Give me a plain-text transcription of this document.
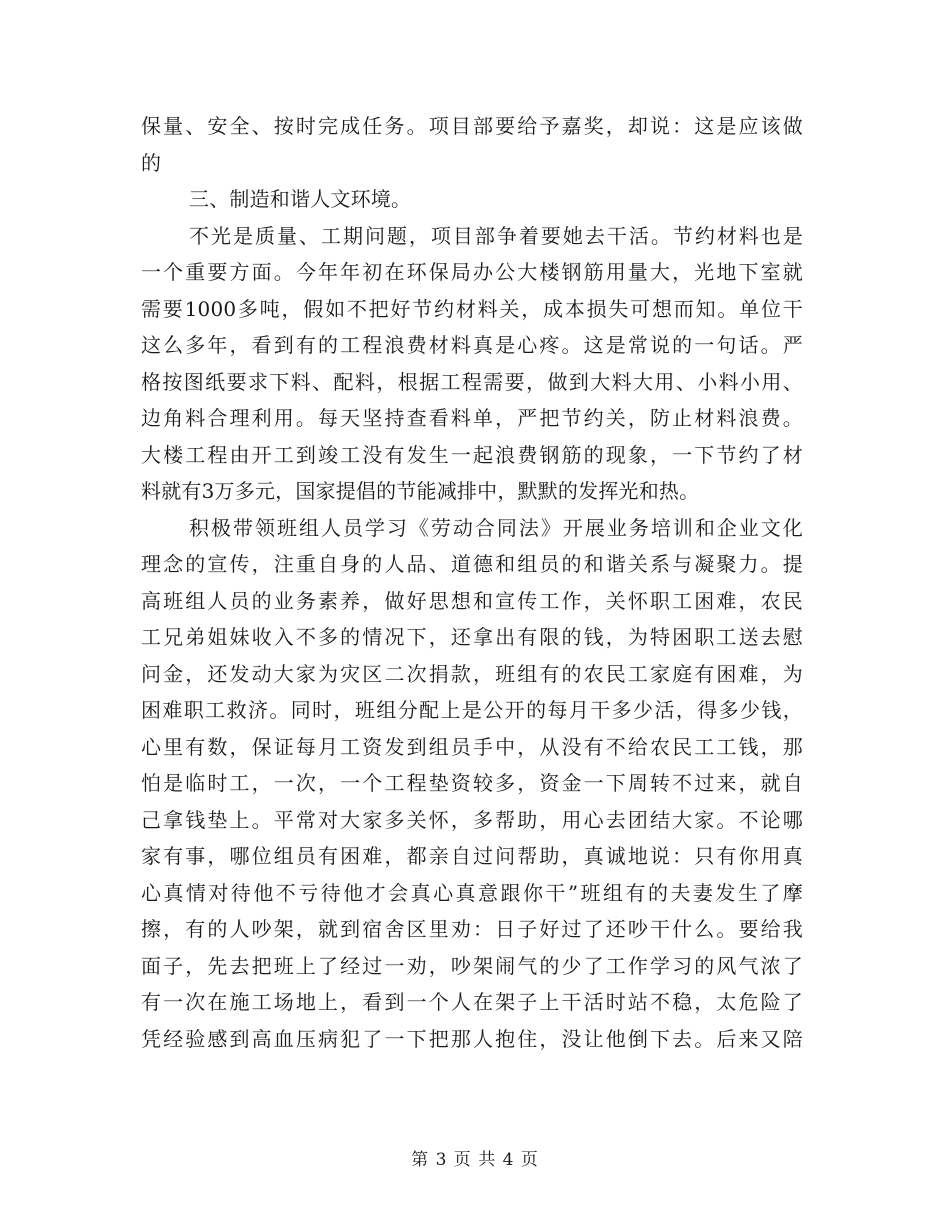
保量、安全、按时完成任务。项目部要给予嘉奖，却说：这是应该做
的
三、制造和谐人文环境。
不光是质量、工期问题，项目部争着要她去干活。节约材料也是
一个重要方面。今年年初在环保局办公大楼钢筋用量大，光地下室就
需要1000多吨，假如不把好节约材料关，成本损失可想而知。单位干
这么多年，看到有的工程浪费材料真是心疼。这是常说的一句话。严
格按图纸要求下料、配料，根据工程需要，做到大料大用、小料小用、
边角料合理利用。每天坚持查看料单，严把节约关，防止材料浪费。
大楼工程由开工到竣工没有发生一起浪费钢筋的现象，一下节约了材
料就有3万多元，国家提倡的节能减排中，默默的发挥光和热。
积极带领班组人员学习《劳动合同法》开展业务培训和企业文化
理念的宣传，注重自身的人品、道德和组员的和谐关系与凝聚力。提
高班组人员的业务素养，做好思想和宣传工作，关怀职工困难，农民
工兄弟姐妹收入不多的情况下，还拿出有限的钱，为特困职工送去慰
问金，还发动大家为灾区二次捐款，班组有的农民工家庭有困难，为
困难职工救济。同时，班组分配上是公开的每月干多少活，得多少钱，
心里有数，保证每月工资发到组员手中，从没有不给农民工工钱，那
怕是临时工，一次，一个工程垫资较多，资金一下周转不过来，就自
己拿钱垫上。平常对大家多关怀，多帮助，用心去团结大家。不论哪
家有事，哪位组员有困难，都亲自过问帮助，真诚地说：只有你用真
心真情对待他不亏待他才会真心真意跟你干”班组有的夫妻发生了摩
擦，有的人吵架，就到宿舍区里劝：日子好过了还吵干什么。要给我
面子，先去把班上了经过一劝，吵架闹气的少了工作学习的风气浓了
有一次在施工场地上，看到一个人在架子上干活时站不稳，太危险了
凭经验感到高血压病犯了一下把那人抱住，没让他倒下去。后来又陪
第 3 页 共 4 页
